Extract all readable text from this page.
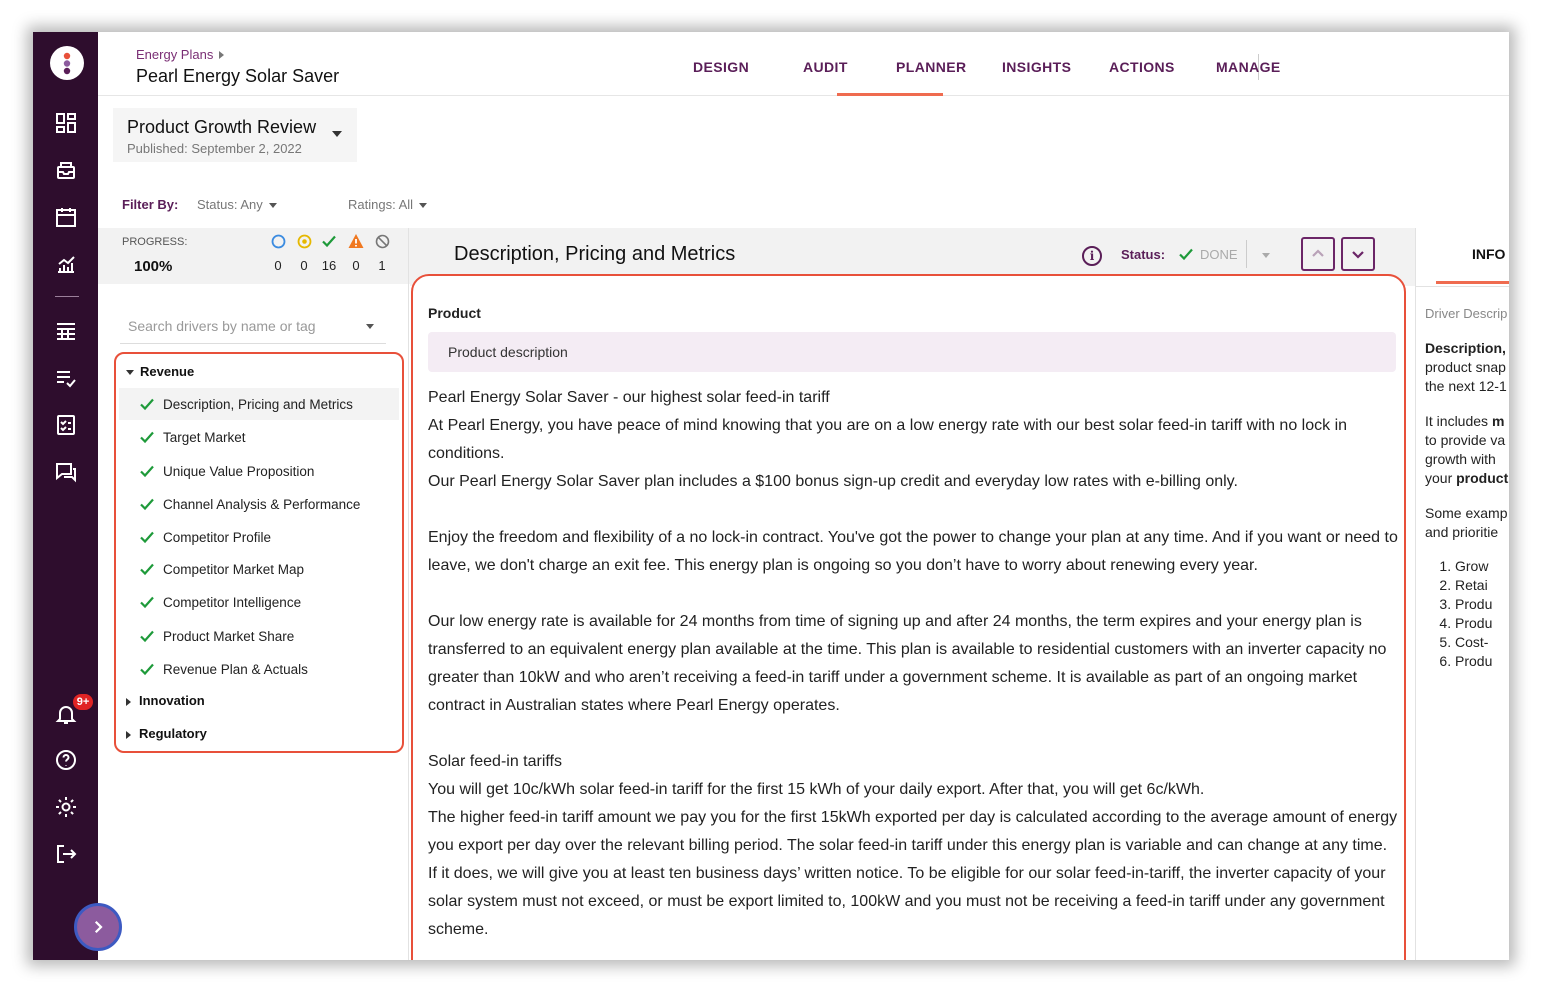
9+
Energy Plans
Pearl Energy Solar Saver	DESIGN	AUDIT	PLANNER	INSIGHTS	ACTIONS	MANAGE
Product Growth Review
Published: September 2, 2022
Filter By: Status: Any	Ratings: All
PROGRESS:
100%	0	0	16	0	1
Search drivers by name or tag
Revenue
Description, Pricing and Metrics
Target Market
Unique Value Proposition
Channel Analysis & Performance
Competitor Profile
Competitor Market Map
Competitor Intelligence
Product Market Share
Revenue Plan & Actuals
Innovation
Regulatory
Description, Pricing and Metrics	i	Status:	DONE
Product
Product description

Pearl Energy Solar Saver - our highest solar feed-in tariff

At Pearl Energy, you have peace of mind knowing that you are on a low energy rate with our best solar feed-in tariff with no lock in conditions.

Our Pearl Energy Solar Saver plan includes a $100 bonus sign-up credit and everyday low rates with e-billing only.

Enjoy the freedom and flexibility of a no lock-in contract. You've got the power to change your plan at any time. And if you want or need to leave, we don't charge an exit fee. This energy plan is ongoing so you don’t have to worry about renewing every year.

Our low energy rate is available for 24 months from time of signing up and after 24 months, the term expires and your energy plan is transferred to an equivalent energy plan available at the time. This plan is available to residential customers with an inverter capacity no greater than 10kW and who aren’t receiving a feed-in tariff under a government scheme. It is available as part of an ongoing market contract in Australian states where Pearl Energy operates.

Solar feed-in tariffs

You will get 10c/kWh solar feed-in tariff for the first 15 kWh of your daily export. After that, you will get 6c/kWh.

The higher feed-in tariff amount we pay you for the first 15kWh exported per day is calculated according to the average amount of energy you export per day over the relevant billing period. The solar feed-in tariff under this energy plan is variable and can change at any time. If it does, we will give you at least ten business days’ written notice. To be eligible for our solar feed-in-tariff, the inverter capacity of your solar system must not exceed, or must be export limited to, 100kW and you must not be receiving a feed-in tariff under any government scheme.

INFO
Driver Descrip

Description,
product snap
the next 12-1

It includes m
to provide va
growth with
your product

Some examp
and prioritie

1. Grow
2. Retai
3. Produ
4. Produ
5. Cost-
6. Produ
